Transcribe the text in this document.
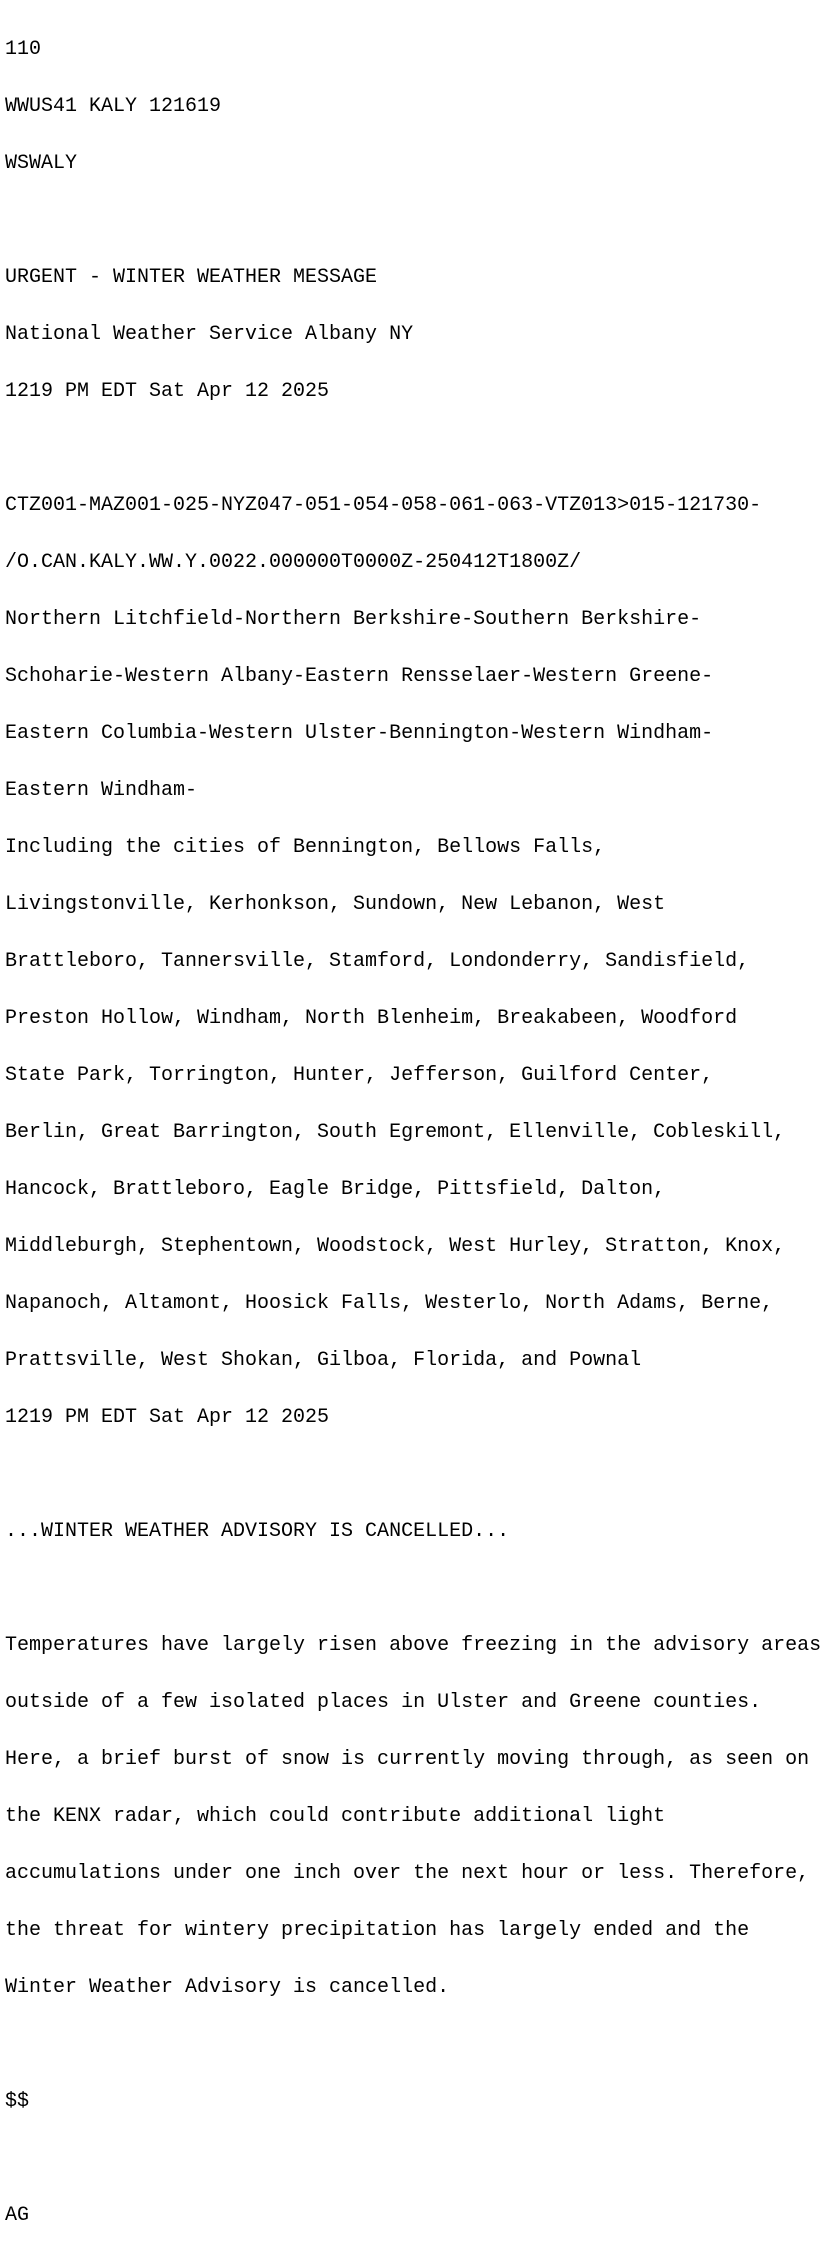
110

WWUS41 KALY 121619

WSWALY

URGENT - WINTER WEATHER MESSAGE

National Weather Service Albany NY

1219 PM EDT Sat Apr 12 2025

CTZ001-MAZ001-025-NYZ047-051-054-058-061-063-VTZ013>015-121730-

/O.CAN.KALY.WW.Y.0022.000000T0000Z-250412T1800Z/

Northern Litchfield-Northern Berkshire-Southern Berkshire-

Schoharie-Western Albany-Eastern Rensselaer-Western Greene-

Eastern Columbia-Western Ulster-Bennington-Western Windham-

Eastern Windham-

Including the cities of Bennington, Bellows Falls,

Livingstonville, Kerhonkson, Sundown, New Lebanon, West

Brattleboro, Tannersville, Stamford, Londonderry, Sandisfield,

Preston Hollow, Windham, North Blenheim, Breakabeen, Woodford

State Park, Torrington, Hunter, Jefferson, Guilford Center,

Berlin, Great Barrington, South Egremont, Ellenville, Cobleskill,

Hancock, Brattleboro, Eagle Bridge, Pittsfield, Dalton,

Middleburgh, Stephentown, Woodstock, West Hurley, Stratton, Knox,

Napanoch, Altamont, Hoosick Falls, Westerlo, North Adams, Berne,

Prattsville, West Shokan, Gilboa, Florida, and Pownal

1219 PM EDT Sat Apr 12 2025

...WINTER WEATHER ADVISORY IS CANCELLED...

Temperatures have largely risen above freezing in the advisory areas

outside of a few isolated places in Ulster and Greene counties.

Here, a brief burst of snow is currently moving through, as seen on

the KENX radar, which could contribute additional light

accumulations under one inch over the next hour or less. Therefore,

the threat for wintery precipitation has largely ended and the

Winter Weather Advisory is cancelled.

$$

AG
